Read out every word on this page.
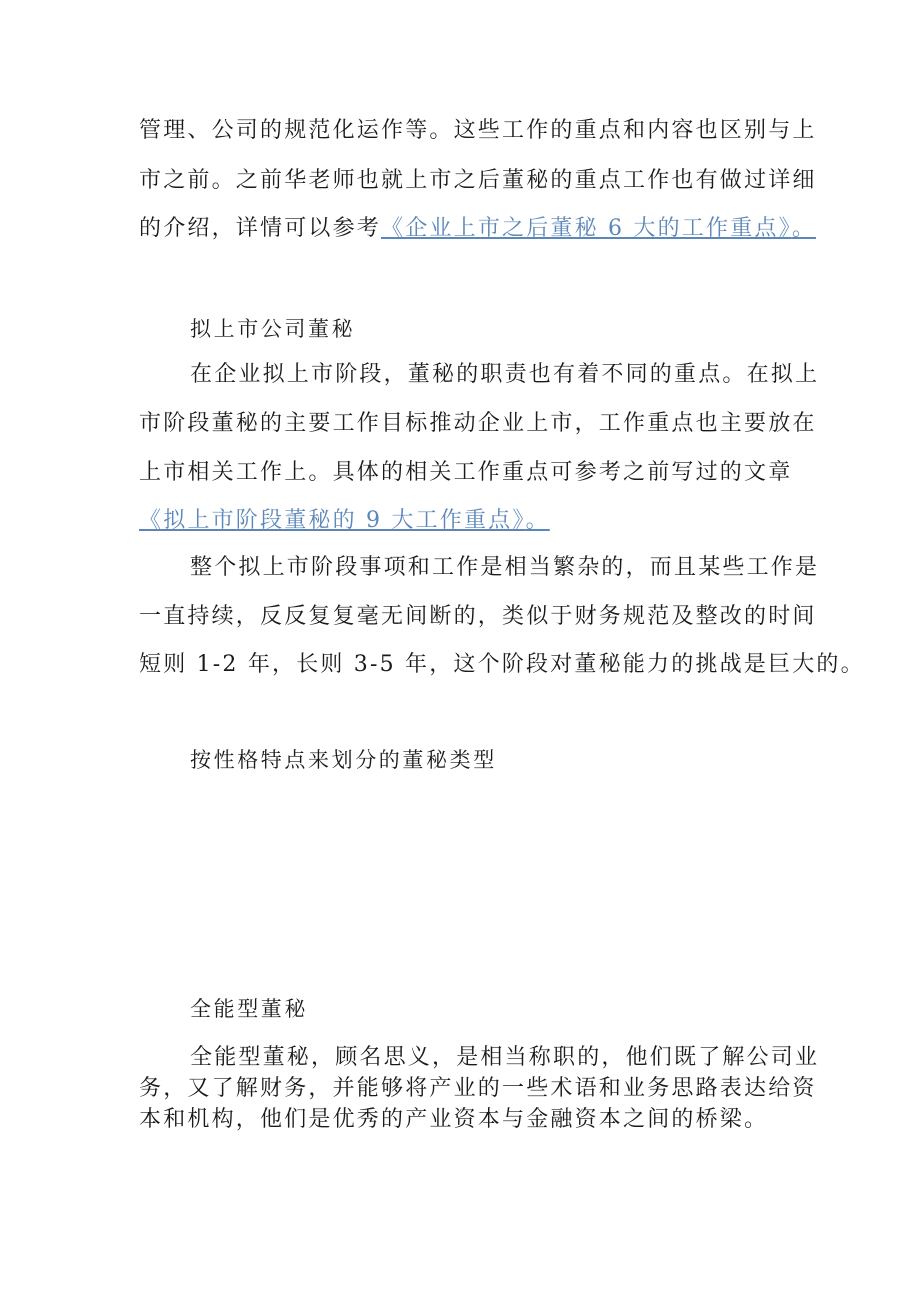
管理、公司的规范化运作等。这些工作的重点和内容也区别与上
市之前。之前华老师也就上市之后董秘的重点工作也有做过详细
的介绍，详情可以参考《企业上市之后董秘 6 大的工作重点》。
拟上市公司董秘
在企业拟上市阶段，董秘的职责也有着不同的重点。在拟上
市阶段董秘的主要工作目标推动企业上市，工作重点也主要放在
上市相关工作上。具体的相关工作重点可参考之前写过的文章
《拟上市阶段董秘的 9 大工作重点》。
整个拟上市阶段事项和工作是相当繁杂的，而且某些工作是
一直持续，反反复复毫无间断的，类似于财务规范及整改的时间
短则 1-2 年，长则 3-5 年，这个阶段对董秘能力的挑战是巨大的。
按性格特点来划分的董秘类型
全能型董秘
全能型董秘，顾名思义，是相当称职的，他们既了解公司业
务，又了解财务，并能够将产业的一些术语和业务思路表达给资
本和机构，他们是优秀的产业资本与金融资本之间的桥梁。
